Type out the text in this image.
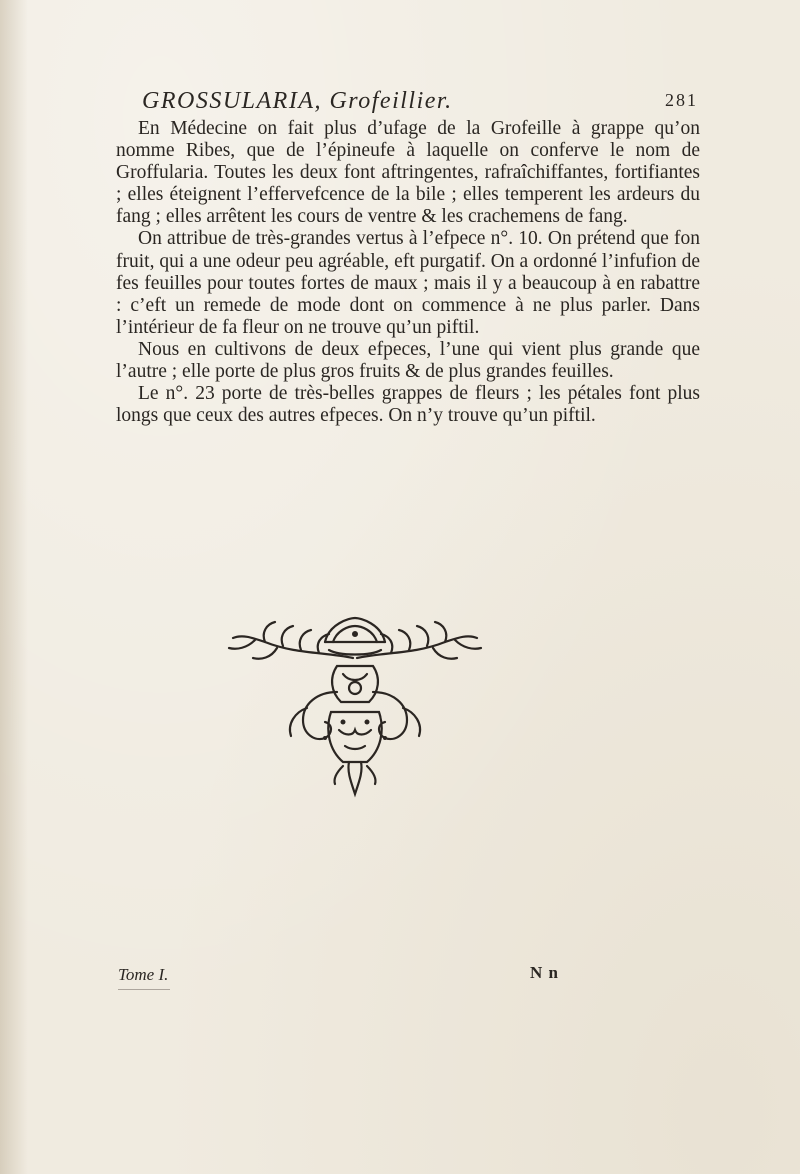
GROSSULARIA, Grofeillier.	281

En Médecine on fait plus d’ufage de la Grofeille à grappe qu’on nomme Ribes, que de l’épineufe à laquelle on conferve le nom de Groffularia. Toutes les deux font aftringentes, rafraîchiffantes, fortifiantes ; elles éteignent l’effervefcence de la bile ; elles temperent les ardeurs du fang ; elles arrêtent les cours de ventre & les crachemens de fang.

On attribue de très-grandes vertus à l’efpece n°. 10. On prétend que fon fruit, qui a une odeur peu agréable, eft purgatif. On a ordonné l’infufion de fes feuilles pour toutes fortes de maux ; mais il y a beaucoup à en rabattre : c’eft un remede de mode dont on commence à ne plus parler. Dans l’intérieur de fa fleur on ne trouve qu’un piftil.

Nous en cultivons de deux efpeces, l’une qui vient plus grande que l’autre ; elle porte de plus gros fruits & de plus grandes feuilles.

Le n°. 23 porte de très-belles grappes de fleurs ; les pétales font plus longs que ceux des autres efpeces. On n’y trouve qu’un piftil.

Tome I.	N n
